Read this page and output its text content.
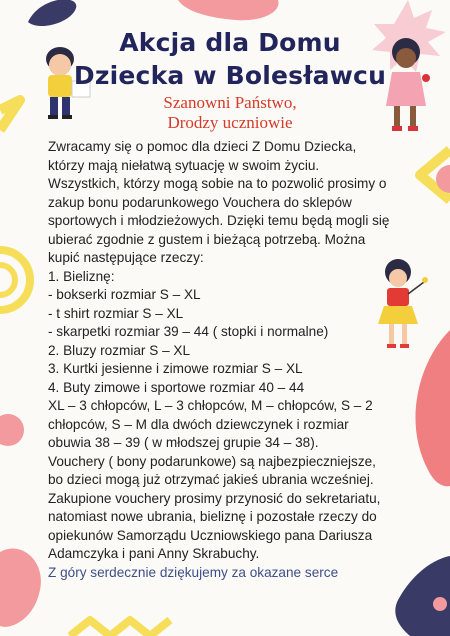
Akcja dla Domu
Dziecka w Bolesławcu
Szanowni Państwo,
Drodzy uczniowie

Zwracamy się o pomoc dla dzieci Z Domu Dziecka, którzy mają niełatwą sytuację w swoim życiu. Wszystkich, którzy mogą sobie na to pozwolić prosimy o zakup bonu podarunkowego Vouchera do sklepów sportowych i młodzieżowych. Dzięki temu będą mogli się ubierać zgodnie z gustem i bieżącą potrzebą. Można kupić następujące rzeczy:

1. Bieliznę:
- bokserki rozmiar S – XL
- t shirt rozmiar S – XL
- skarpetki rozmiar 39 – 44 ( stopki i normalne)
2. Bluzy rozmiar S – XL
3. Kurtki jesienne i zimowe rozmiar S – XL
4. Buty zimowe i sportowe rozmiar 40 – 44

XL – 3 chłopców, L – 3 chłopców, M – chłopców, S – 2 chłopców, S – M dla dwóch dziewczynek i rozmiar obuwia 38 – 39 ( w młodszej grupie 34 – 38).

Vouchery ( bony podarunkowe) są najbezpieczniejsze, bo dzieci mogą już otrzymać jakieś ubrania wcześniej.

Zakupione vouchery prosimy przynosić do sekretariatu, natomiast nowe ubrania, bieliznę i pozostałe rzeczy do opiekunów Samorządu Uczniowskiego pana Dariusza Adamczyka i pani Anny Skrabuchy.

Z góry serdecznie dziękujemy za okazane serce
